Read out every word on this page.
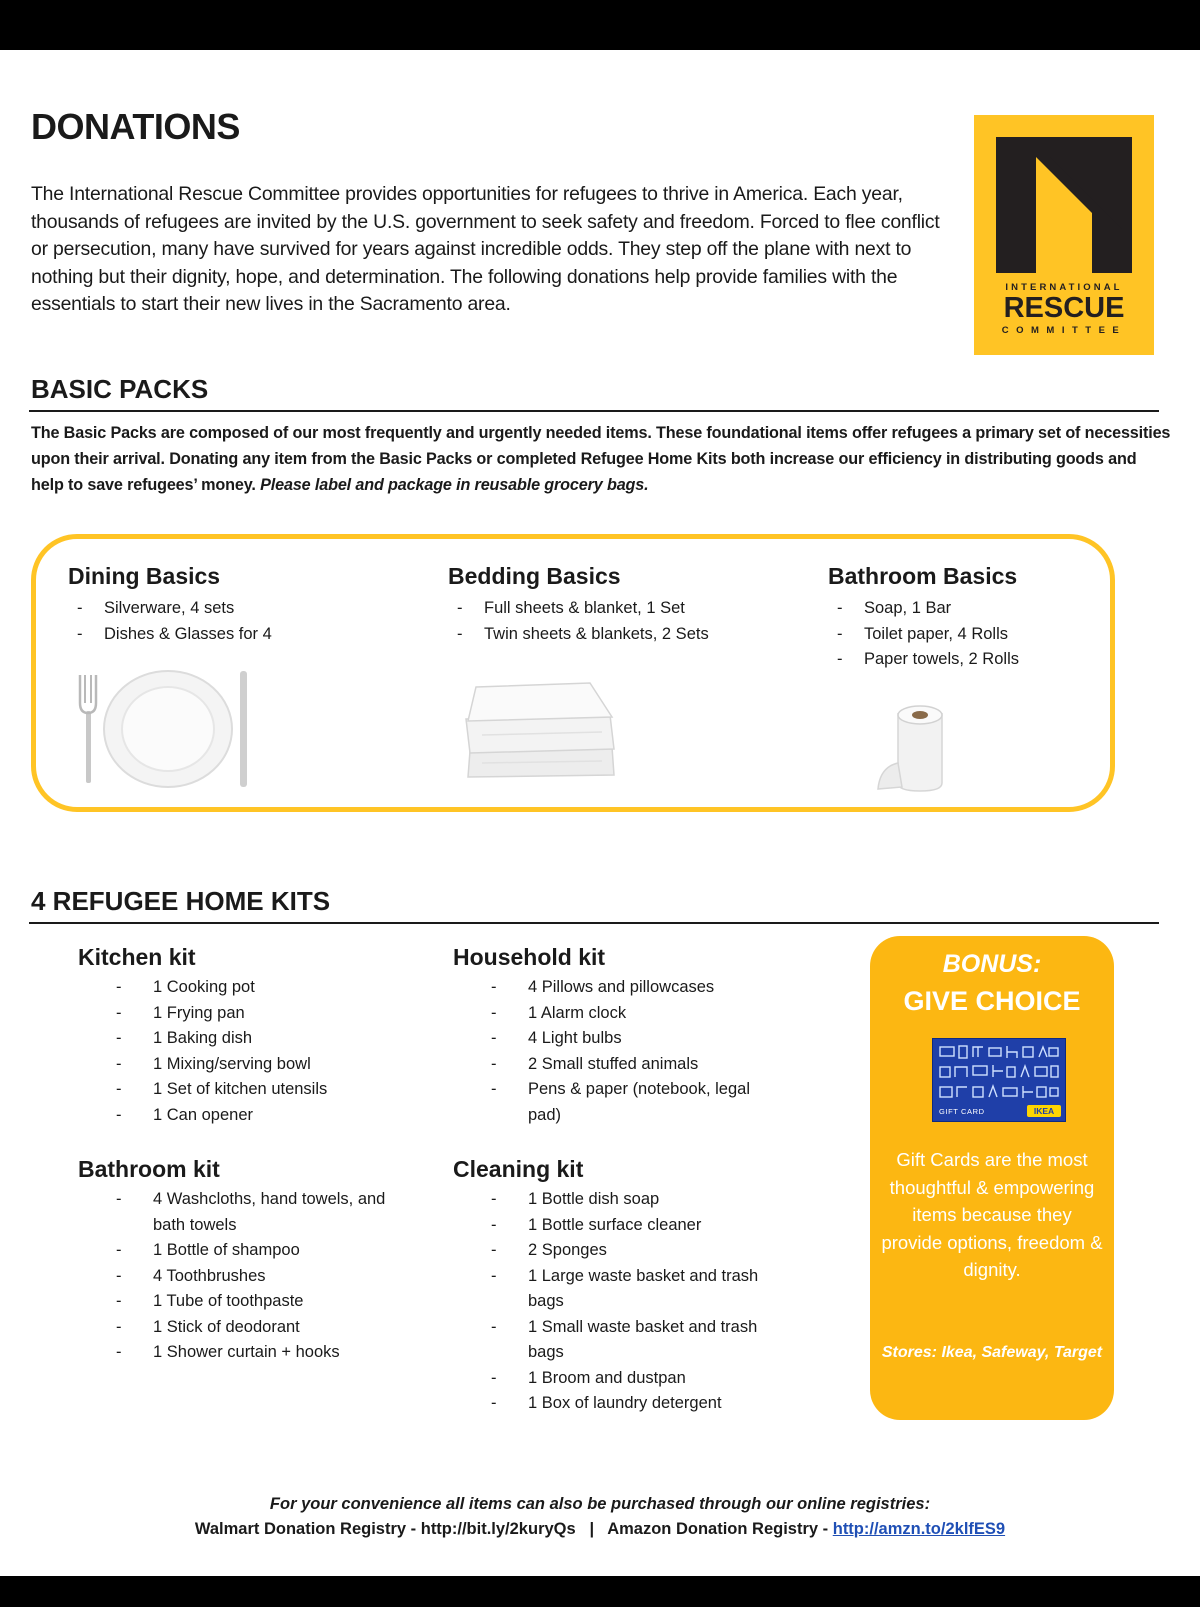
DONATIONS

The International Rescue Committee provides opportunities for refugees to thrive in America. Each year, thousands of refugees are invited by the U.S. government to seek safety and freedom. Forced to flee conflict or persecution, many have survived for years against incredible odds. They step off the plane with next to nothing but their dignity, hope, and determination. The following donations help provide families with the essentials to start their new lives in the Sacramento area.

INTERNATIONAL
RESCUE
COMMITTEE
BASIC PACKS

The Basic Packs are composed of our most frequently and urgently needed items. These foundational items offer refugees a primary set of necessities upon their arrival. Donating any item from the Basic Packs or completed Refugee Home Kits both increase our efficiency in distributing goods and help to save refugees’ money. Please label and package in reusable grocery bags.

Dining Basics
- Silverware, 4 sets
- Dishes & Glasses for 4
Bedding Basics
- Full sheets & blanket, 1 Set
- Twin sheets & blankets, 2 Sets
Bathroom Basics
- Soap, 1 Bar
- Toilet paper, 4 Rolls
- Paper towels, 2 Rolls
4 REFUGEE HOME KITS
Kitchen kit
- 1 Cooking pot
- 1 Frying pan
- 1 Baking dish
- 1 Mixing/serving bowl
- 1 Set of kitchen utensils
- 1 Can opener
Bathroom kit
- 4 Washcloths, hand towels, and bath towels
- 1 Bottle of shampoo
- 4 Toothbrushes
- 1 Tube of toothpaste
- 1 Stick of deodorant
- 1 Shower curtain + hooks
Household kit
- 4 Pillows and pillowcases
- 1 Alarm clock
- 4 Light bulbs
- 2 Small stuffed animals
- Pens & paper (notebook, legal pad)
Cleaning kit
- 1 Bottle dish soap
- 1 Bottle surface cleaner
- 2 Sponges
- 1 Large waste basket and trash bags
- 1 Small waste basket and trash bags
- 1 Broom and dustpan
- 1 Box of laundry detergent
BONUS:
GIVE CHOICE
GIFT CARD	IKEA
Gift Cards are the most thoughtful & empowering items because they provide options, freedom & dignity.
Stores: Ikea, Safeway, Target

For your convenience all items can also be purchased through our online registries:

Walmart Donation Registry - http://bit.ly/2kuryQs | Amazon Donation Registry - http://amzn.to/2klfES9
